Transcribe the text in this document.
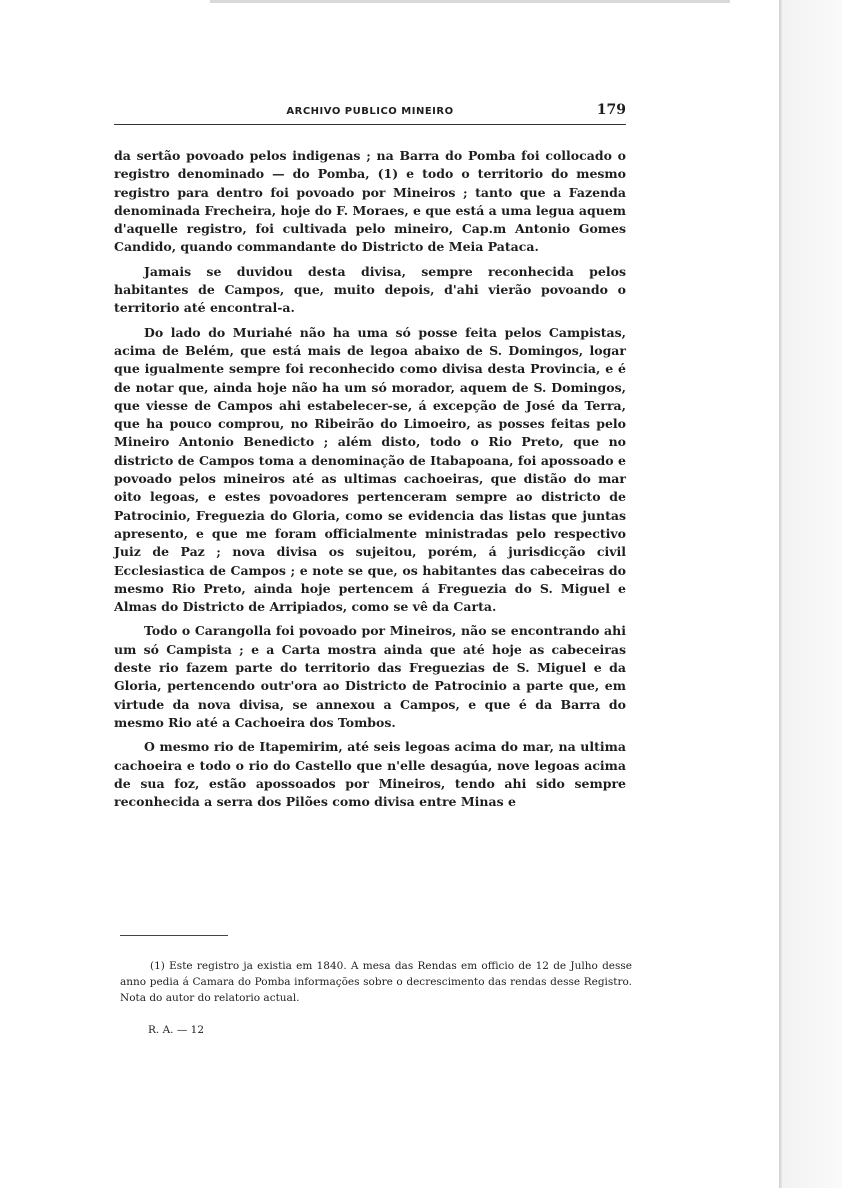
ARCHIVO PUBLICO MINEIRO	179

da sertão povoado pelos indigenas ; na Barra do Pomba foi collocado o registro denominado — do Pomba, (1) e todo o territorio do mesmo registro para dentro foi povoado por Mineiros ; tanto que a Fazenda denominada Frecheira, hoje do F. Moraes, e que está a uma legua aquem d'aquelle registro, foi cultivada pelo mineiro, Cap.m Antonio Gomes Candido, quando commandante do Districto de Meia Pataca.

Jamais se duvidou desta divisa, sempre reconhecida pelos habitantes de Campos, que, muito depois, d'ahi vierão povoando o territorio até encontral-a.

Do lado do Muriahé não ha uma só posse feita pelos Campistas, acima de Belém, que está mais de legoa abaixo de S. Domingos, logar que igualmente sempre foi reconhecido como divisa desta Provincia, e é de notar que, ainda hoje não ha um só morador, aquem de S. Domingos, que viesse de Campos ahi estabelecer-se, á excepção de José da Terra, que ha pouco comprou, no Ribeirão do Limoeiro, as posses feitas pelo Mineiro Antonio Benedicto ; além disto, todo o Rio Preto, que no districto de Campos toma a denominação de Itabapoana, foi apossoado e povoado pelos mineiros até as ultimas cachoeiras, que distão do mar oito legoas, e estes povoadores pertenceram sempre ao districto de Patrocinio, Freguezia do Gloria, como se evidencia das listas que juntas apresento, e que me foram officialmente ministradas pelo respectivo Juiz de Paz ; nova divisa os sujeitou, porém, á jurisdicção civil Ecclesiastica de Campos ; e note se que, os habitantes das cabeceiras do mesmo Rio Preto, ainda hoje pertencem á Freguezia do S. Miguel e Almas do Districto de Arripiados, como se vê da Carta.

Todo o Carangolla foi povoado por Mineiros, não se encontrando ahi um só Campista ; e a Carta mostra ainda que até hoje as cabeceiras deste rio fazem parte do territorio das Freguezias de S. Miguel e da Gloria, pertencendo outr'ora ao Districto de Patrocinio a parte que, em virtude da nova divisa, se annexou a Campos, e que é da Barra do mesmo Rio até a Cachoeira dos Tombos.

O mesmo rio de Itapemirim, até seis legoas acima do mar, na ultima cachoeira e todo o rio do Castello que n'elle desagúa, nove legoas acima de sua foz, estão apossoados por Mineiros, tendo ahi sido sempre reconhecida a serra dos Pilões como divisa entre Minas e

(1) Este registro ja existia em 1840. A mesa das Rendas em officio de 12 de Julho desse anno pedia á Camara do Pomba informações sobre o decrescimento das rendas desse Registro. Nota do autor do relatorio actual.

R. A. — 12
